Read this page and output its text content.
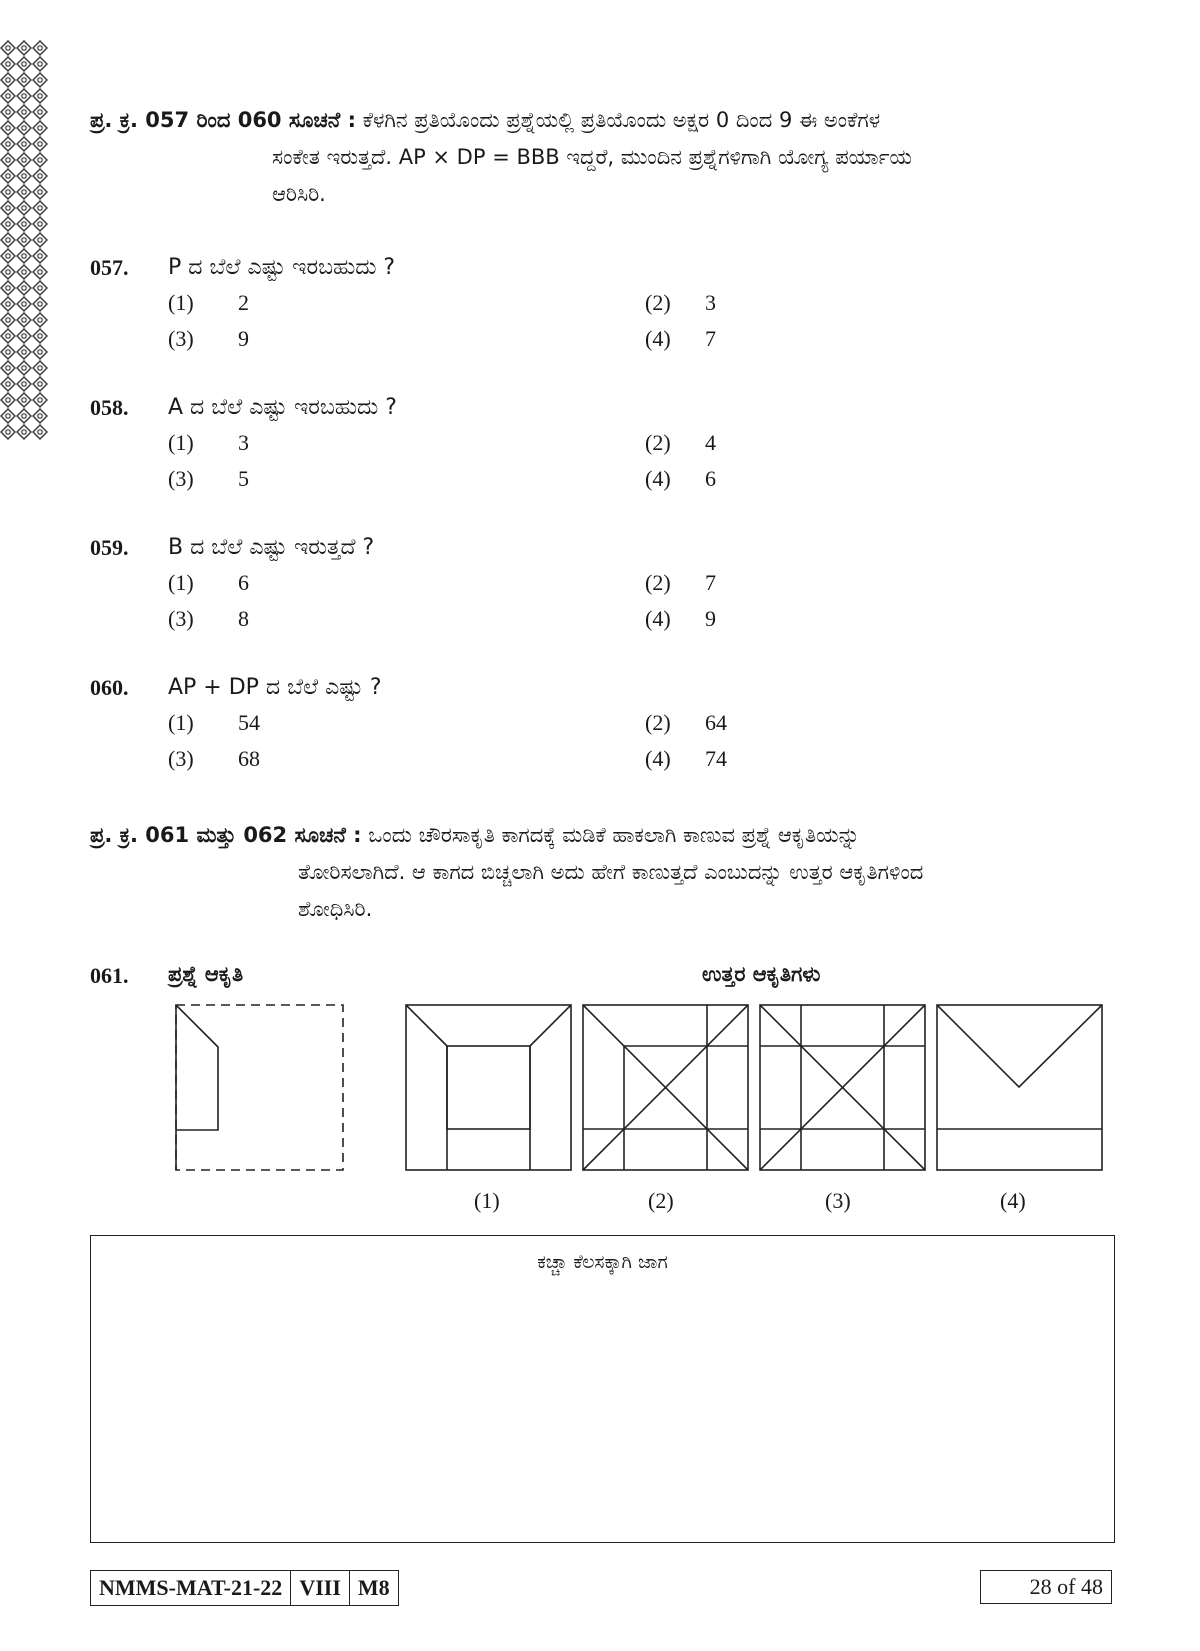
ಪ್ರ. ಕ್ರ. 057 ರಿಂದ 060 ಸೂಚನೆ : ಕೆಳಗಿನ ಪ್ರತಿಯೊಂದು ಪ್ರಶ್ನೆಯಲ್ಲಿ ಪ್ರತಿಯೊಂದು ಅಕ್ಷರ 0 ದಿಂದ 9 ಈ ಅಂಕೆಗಳ
ಸಂಕೇತ ಇರುತ್ತದೆ. AP × DP = BBB ಇದ್ದರೆ, ಮುಂದಿನ ಪ್ರಶ್ನೆಗಳಿಗಾಗಿ ಯೋಗ್ಯ ಪರ್ಯಾಯ
ಆರಿಸಿರಿ.
057. P ದ ಬೆಲೆ ಎಷ್ಟು ಇರಬಹುದು ?
(1) 2	(2) 3
(3) 9	(4) 7
058. A ದ ಬೆಲೆ ಎಷ್ಟು ಇರಬಹುದು ?
(1) 3	(2) 4
(3) 5	(4) 6
059. B ದ ಬೆಲೆ ಎಷ್ಟು ಇರುತ್ತದೆ ?
(1) 6	(2) 7
(3) 8	(4) 9
060. AP + DP ದ ಬೆಲೆ ಎಷ್ಟು ?
(1) 54	(2) 64
(3) 68	(4) 74
ಪ್ರ. ಕ್ರ. 061 ಮತ್ತು 062 ಸೂಚನೆ : ಒಂದು ಚೌರಸಾಕೃತಿ ಕಾಗದಕ್ಕೆ ಮಡಿಕೆ ಹಾಕಲಾಗಿ ಕಾಣುವ ಪ್ರಶ್ನೆ ಆಕೃತಿಯನ್ನು
ತೋರಿಸಲಾಗಿದೆ. ಆ ಕಾಗದ ಬಿಚ್ಚಲಾಗಿ ಅದು ಹೇಗೆ ಕಾಣುತ್ತದೆ ಎಂಬುದನ್ನು ಉತ್ತರ ಆಕೃತಿಗಳಿಂದ
ಶೋಧಿಸಿರಿ.
061. ಪ್ರಶ್ನೆ ಆಕೃತಿ	ಉತ್ತರ ಆಕೃತಿಗಳು
(1)	(2)	(3)	(4)
ಕಚ್ಚಾ ಕೆಲಸಕ್ಕಾಗಿ ಜಾಗ
NMMS-MAT-21-22 VIII M8	28 of 48
